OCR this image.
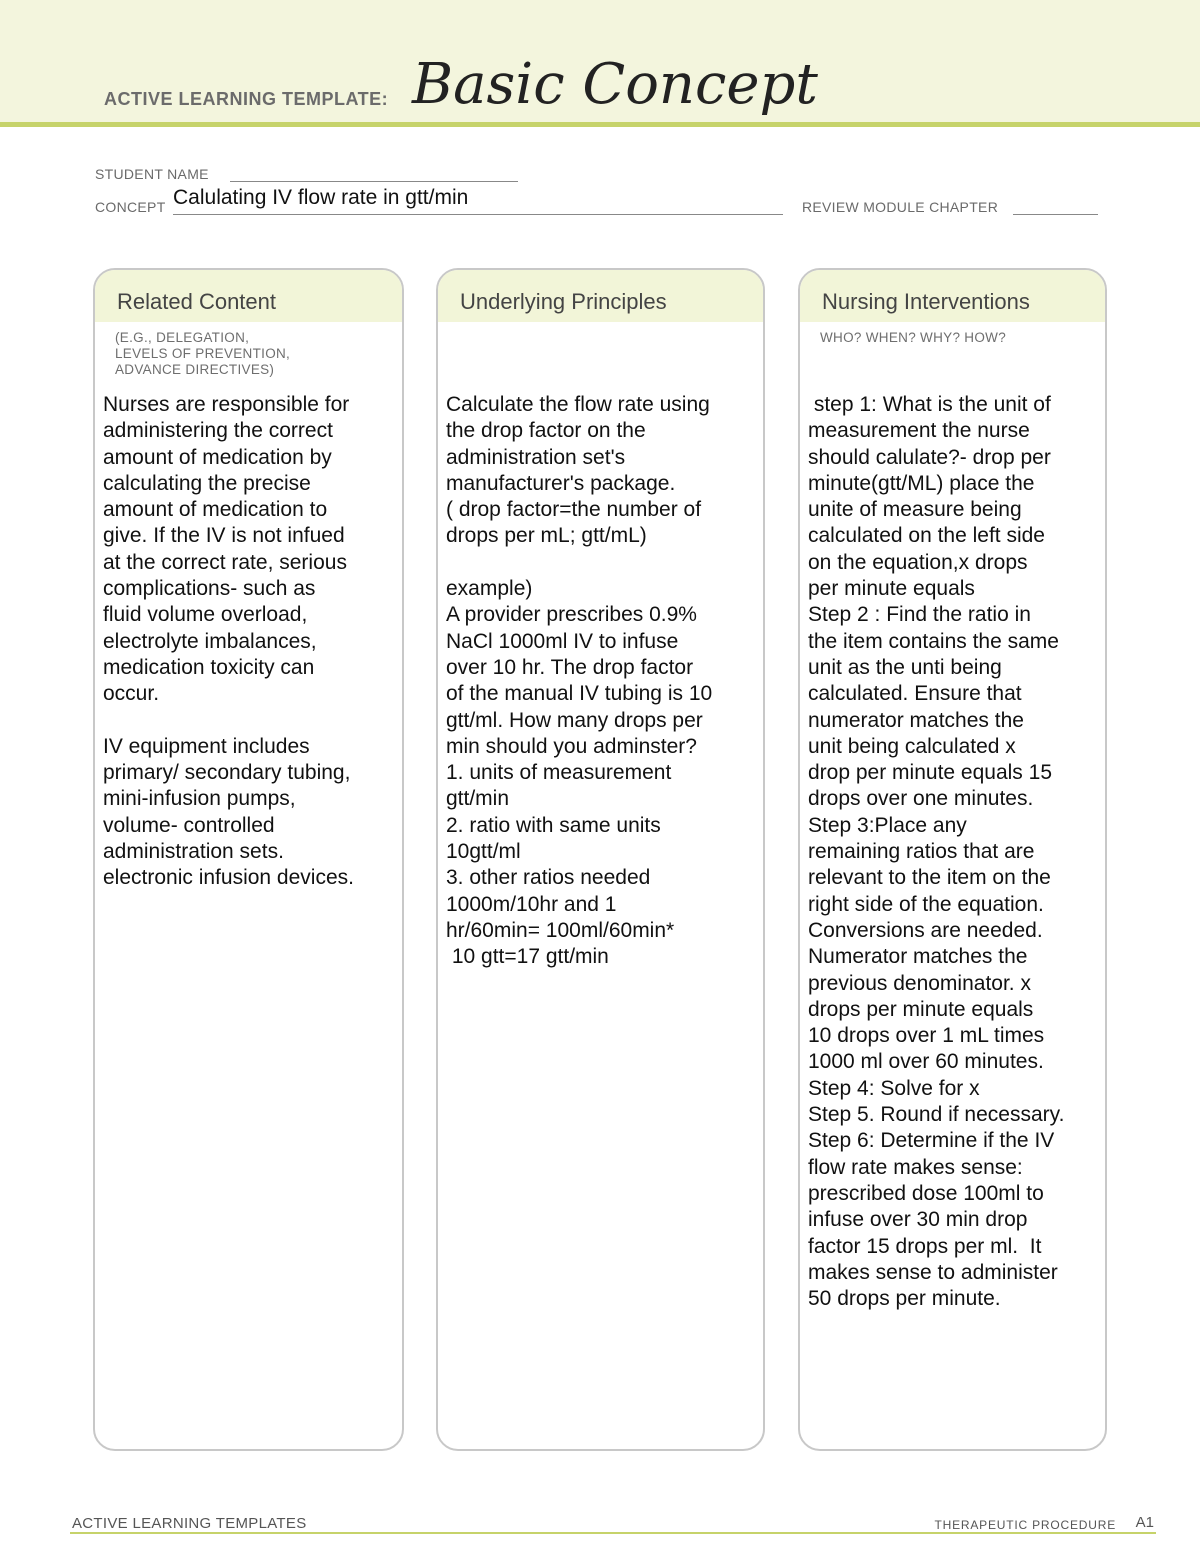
ACTIVE LEARNING TEMPLATE: Basic Concept
STUDENT NAME
CONCEPT Calulating IV flow rate in gtt/min	REVIEW MODULE CHAPTER
Related Content
(E.G., DELEGATION,
LEVELS OF PREVENTION,
ADVANCE DIRECTIVES)
Nurses are responsible for
administering the correct
amount of medication by
calculating the precise
amount of medication to
give. If the IV is not infued
at the correct rate, serious
complications- such as
fluid volume overload,
electrolyte imbalances,
medication toxicity can
occur.

IV equipment includes
primary/ secondary tubing,
mini-infusion pumps,
volume- controlled
administration sets.
electronic infusion devices.
Underlying Principles
Calculate the flow rate using
the drop factor on the
administration set's
manufacturer's package.
( drop factor=the number of
drops per mL; gtt/mL)

example)
A provider prescribes 0.9%
NaCl 1000ml IV to infuse
over 10 hr. The drop factor
of the manual IV tubing is 10
gtt/ml. How many drops per
min should you adminster?
1. units of measurement
gtt/min
2. ratio with same units
10gtt/ml
3. other ratios needed
1000m/10hr and 1
hr/60min= 100ml/60min*
10 gtt=17 gtt/min
Nursing Interventions
WHO? WHEN? WHY? HOW?
step 1: What is the unit of
measurement the nurse
should calulate?- drop per
minute(gtt/ML) place the
unite of measure being
calculated on the left side
on the equation,x drops
per minute equals
Step 2 : Find the ratio in
the item contains the same
unit as the unti being
calculated. Ensure that
numerator matches the
unit being calculated x
drop per minute equals 15
drops over one minutes.
Step 3:Place any
remaining ratios that are
relevant to the item on the
right side of the equation.
Conversions are needed.
Numerator matches the
previous denominator. x
drops per minute equals
10 drops over 1 mL times
1000 ml over 60 minutes.
Step 4: Solve for x
Step 5. Round if necessary.
Step 6: Determine if the IV
flow rate makes sense:
prescribed dose 100ml to
infuse over 30 min drop
factor 15 drops per ml.  It
makes sense to administer
50 drops per minute.
ACTIVE LEARNING TEMPLATES	THERAPEUTIC PROCEDURE A1
